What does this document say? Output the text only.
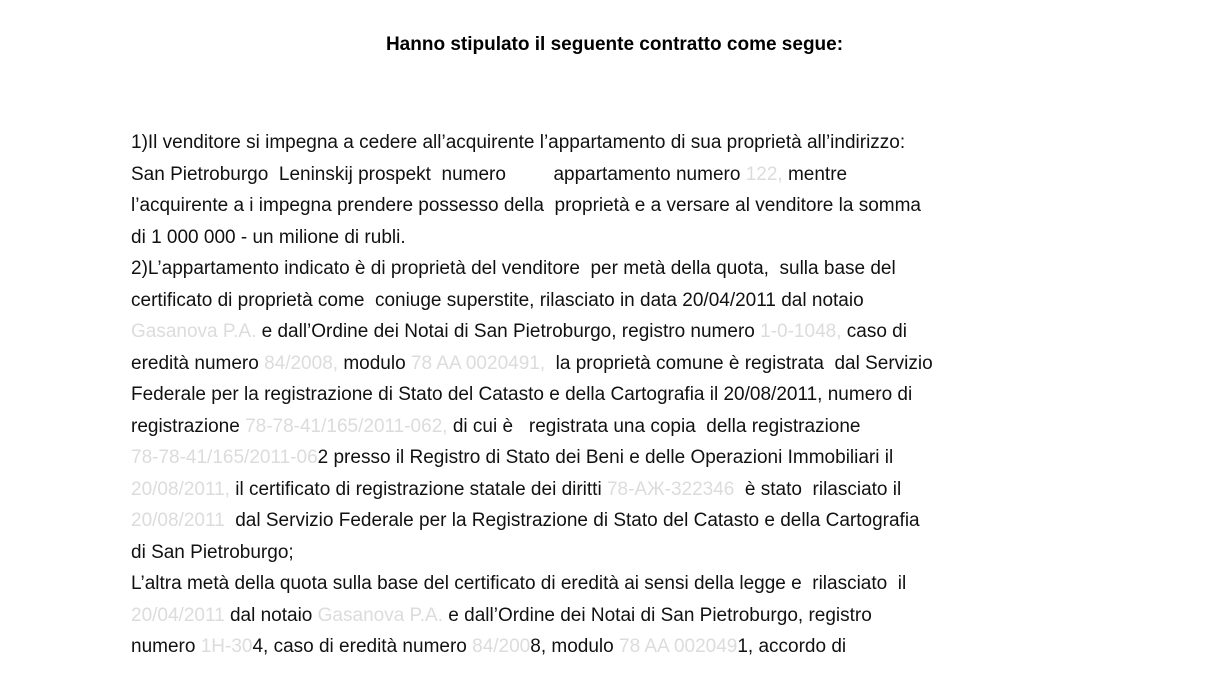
Hanno stipulato il seguente contratto come segue:
1)Il venditore si impegna a cedere all’acquirente l’appartamento di sua proprietà all’indirizzo:
San Pietroburgo  Leninskij prospekt  numero         appartamento numero 122, mentre
l’acquirente a i impegna prendere possesso della  proprietà e a versare al venditore la somma
di 1 000 000 - un milione di rubli.
2)L’appartamento indicato è di proprietà del venditore  per metà della quota,  sulla base del
certificato di proprietà come  coniuge superstite, rilasciato in data 20/04/2011 dal notaio
Gasanova P.A. e dall’Ordine dei Notai di San Pietroburgo, registro numero 1-0-1048, caso di
eredità numero 84/2008, modulo 78 AA 0020491,  la proprietà comune è registrata  dal Servizio
Federale per la registrazione di Stato del Catasto e della Cartografia il 20/08/2011, numero di
registrazione 78-78-41/165/2011-062, di cui è   registrata una copia  della registrazione
78-78-41/165/2011-062 presso il Registro di Stato dei Beni e delle Operazioni Immobiliari il
20/08/2011, il certificato di registrazione statale dei diritti 78-АЖ-322346  è stato  rilasciato il
20/08/2011  dal Servizio Federale per la Registrazione di Stato del Catasto e della Cartografia
di San Pietroburgo;
L’altra metà della quota sulla base del certificato di eredità ai sensi della legge e  rilasciato  il
20/04/2011 dal notaio Gasanova P.A. e dall’Ordine dei Notai di San Pietroburgo, registro
numero 1H-304, caso di eredità numero 84/2008, modulo 78 AA 0020491, accordo di
